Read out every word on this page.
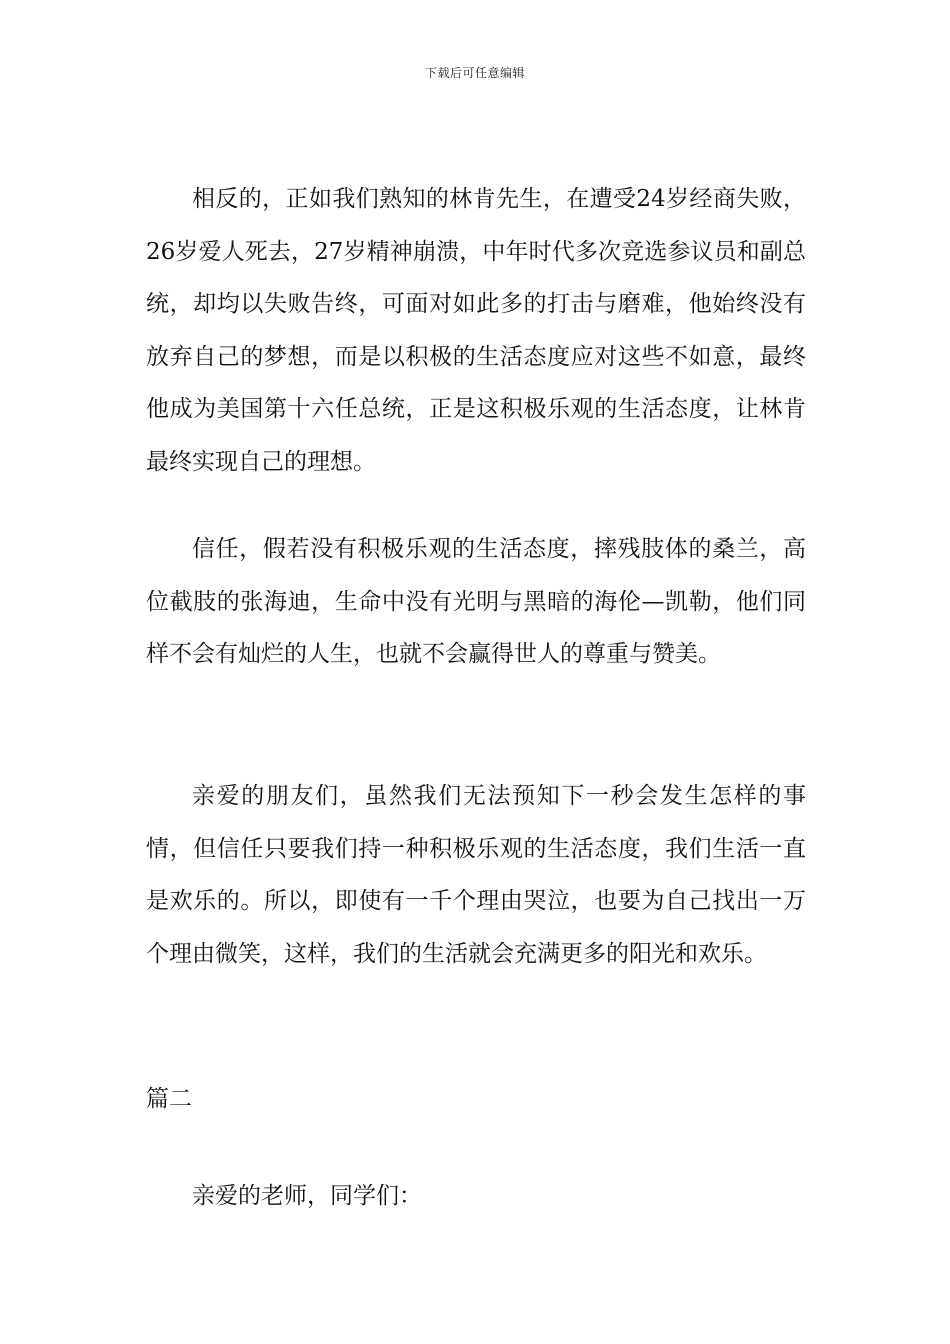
下载后可任意编辑

相反的，正如我们熟知的林肯先生，在遭受24岁经商失败，26岁爱人死去，27岁精神崩溃，中年时代多次竞选参议员和副总统，却均以失败告终，可面对如此多的打击与磨难，他始终没有放弃自己的梦想，而是以积极的生活态度应对这些不如意，最终他成为美国第十六任总统，正是这积极乐观的生活态度，让林肯最终实现自己的理想。

信任，假若没有积极乐观的生活态度，摔残肢体的桑兰，高位截肢的张海迪，生命中没有光明与黑暗的海伦—凯勒，他们同样不会有灿烂的人生，也就不会赢得世人的尊重与赞美。

亲爱的朋友们，虽然我们无法预知下一秒会发生怎样的事情，但信任只要我们持一种积极乐观的生活态度，我们生活一直是欢乐的。所以，即使有一千个理由哭泣，也要为自己找出一万个理由微笑，这样，我们的生活就会充满更多的阳光和欢乐。

篇二

亲爱的老师，同学们：
